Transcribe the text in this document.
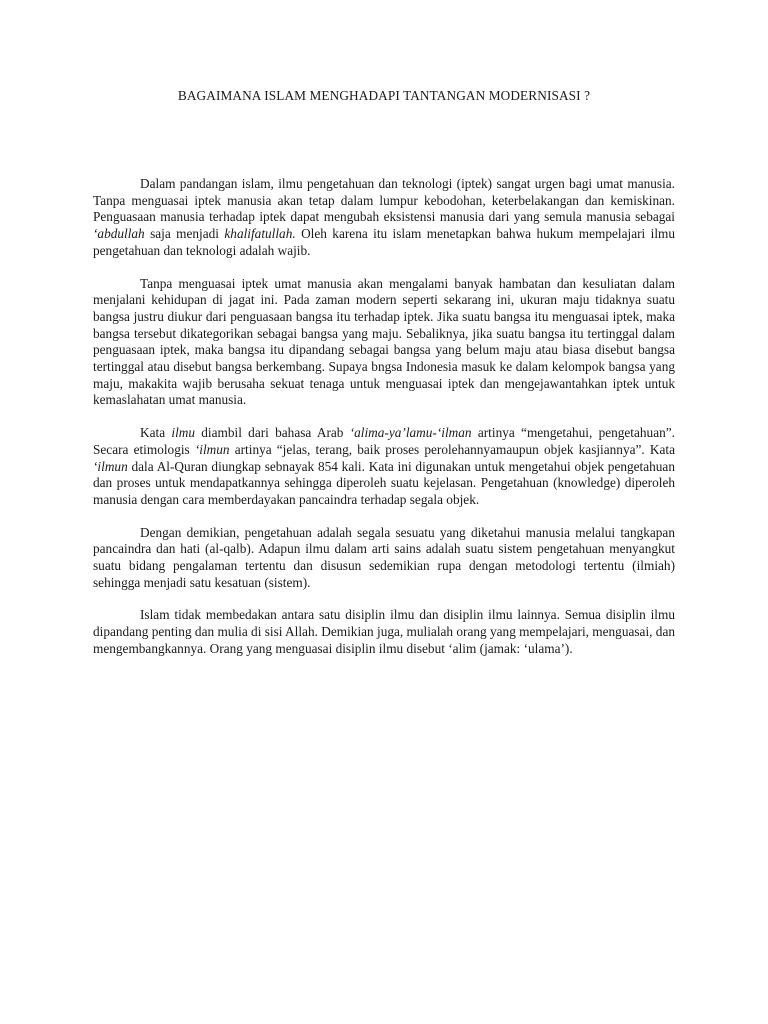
BAGAIMANA ISLAM MENGHADAPI TANTANGAN MODERNISASI ?

Dalam pandangan islam, ilmu pengetahuan dan teknologi (iptek) sangat urgen bagi umat manusia. Tanpa menguasai iptek manusia akan tetap dalam lumpur kebodohan, keterbelakangan dan kemiskinan. Penguasaan manusia terhadap iptek dapat mengubah eksistensi manusia dari yang semula manusia sebagai ‘abdullah saja menjadi khalifatullah. Oleh karena itu islam menetapkan bahwa hukum mempelajari ilmu pengetahuan dan teknologi adalah wajib.

Tanpa menguasai iptek umat manusia akan mengalami banyak hambatan dan kesuliatan dalam menjalani kehidupan di jagat ini. Pada zaman modern seperti sekarang ini, ukuran maju tidaknya suatu bangsa justru diukur dari penguasaan bangsa itu terhadap iptek. Jika suatu bangsa itu menguasai iptek, maka bangsa tersebut dikategorikan sebagai bangsa yang maju. Sebaliknya, jika suatu bangsa itu tertinggal dalam penguasaan iptek, maka bangsa itu dipandang sebagai bangsa yang belum maju atau biasa disebut bangsa tertinggal atau disebut bangsa berkembang. Supaya bngsa Indonesia masuk ke dalam kelompok bangsa yang maju, makakita wajib berusaha sekuat tenaga untuk menguasai iptek dan mengejawantahkan iptek untuk kemaslahatan umat manusia.

Kata ilmu diambil dari bahasa Arab ‘alima-ya’lamu-‘ilman artinya “mengetahui, pengetahuan”. Secara etimologis ‘ilmun artinya “jelas, terang, baik proses perolehannyamaupun objek kasjiannya”. Kata ‘ilmun dala Al-Quran diungkap sebnayak 854 kali. Kata ini digunakan untuk mengetahui objek pengetahuan dan proses untuk mendapatkannya sehingga diperoleh suatu kejelasan. Pengetahuan (knowledge) diperoleh manusia dengan cara memberdayakan pancaindra terhadap segala objek.

Dengan demikian, pengetahuan adalah segala sesuatu yang diketahui manusia melalui tangkapan pancaindra dan hati (al-qalb). Adapun ilmu dalam arti sains adalah suatu sistem pengetahuan menyangkut suatu bidang pengalaman tertentu dan disusun sedemikian rupa dengan metodologi tertentu (ilmiah) sehingga menjadi satu kesatuan (sistem).

Islam tidak membedakan antara satu disiplin ilmu dan disiplin ilmu lainnya. Semua disiplin ilmu dipandang penting dan mulia di sisi Allah. Demikian juga, mulialah orang yang mempelajari, menguasai, dan mengembangkannya. Orang yang menguasai disiplin ilmu disebut ‘alim (jamak: ‘ulama’).
